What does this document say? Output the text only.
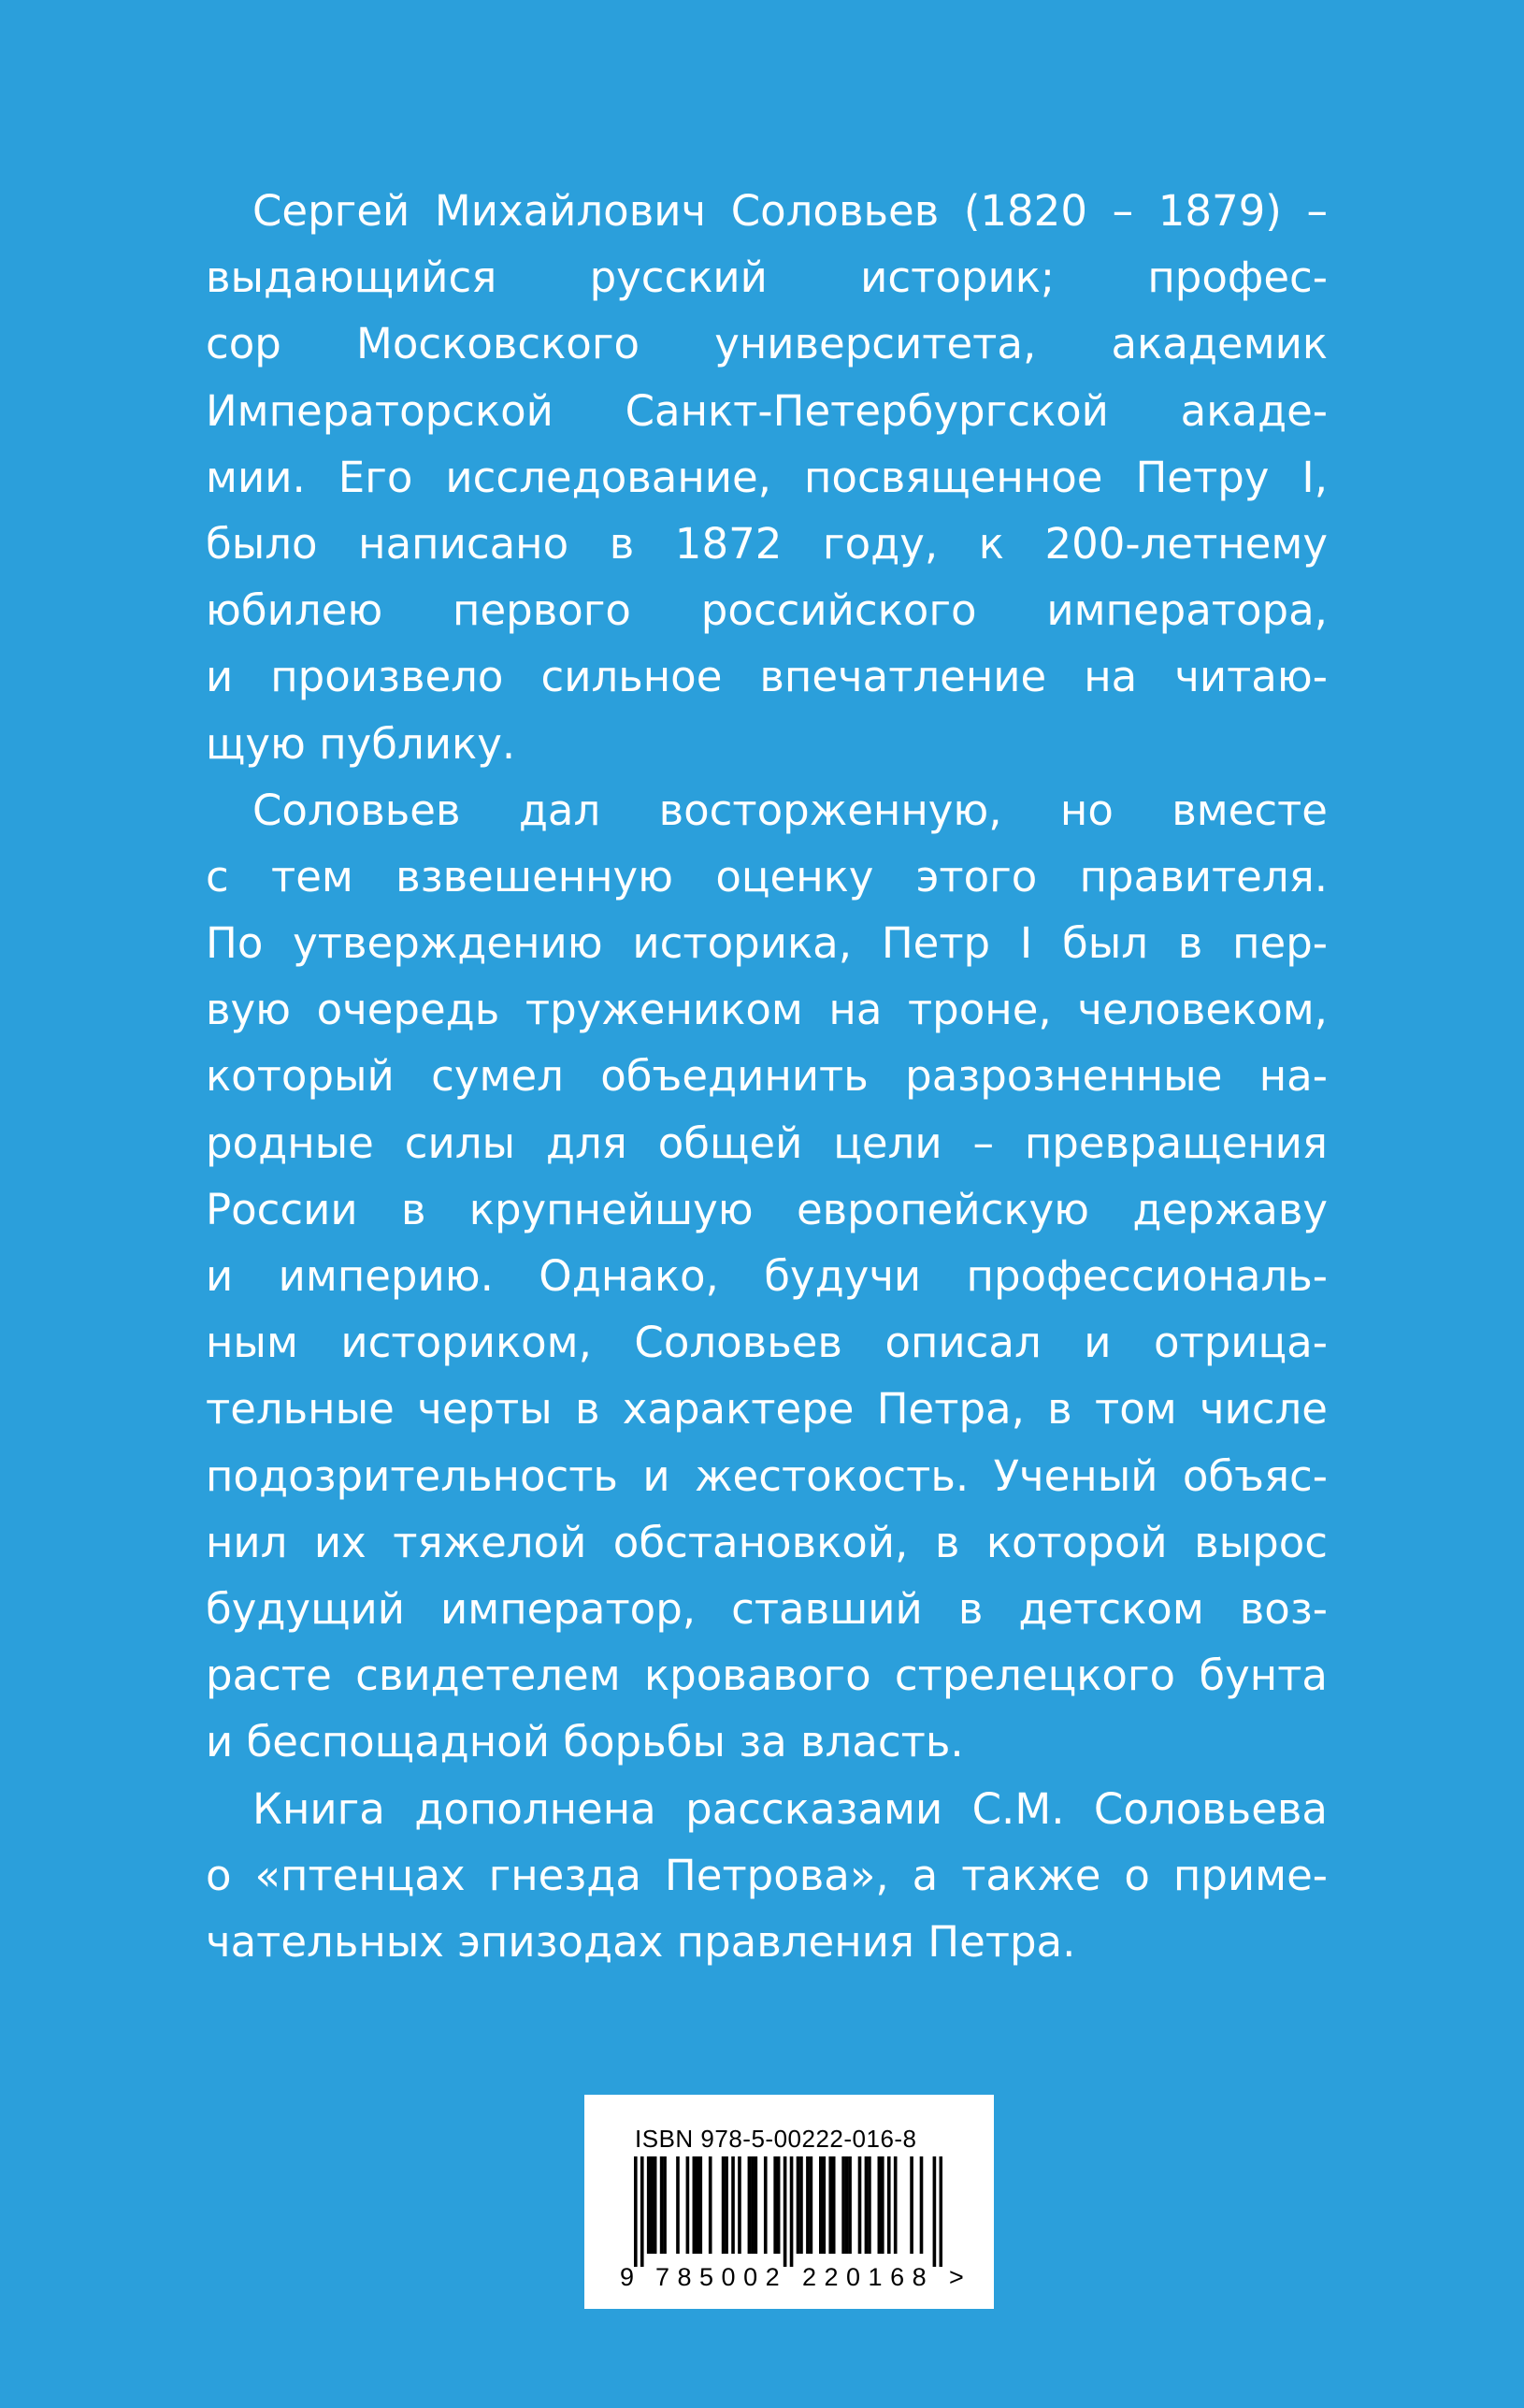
Сергей Михайлович Соловьев (1820 – 1879) –
выдающийся русский историк; профес-
сор Московского университета, академик
Императорской Санкт-Петербургской акаде-
мии. Его исследование, посвященное Петру I,
было написано в 1872 году, к 200-летнему
юбилею первого российского императора,
и произвело сильное впечатление на читаю-
щую публику.
Соловьев дал восторженную, но вместе
с тем взвешенную оценку этого правителя.
По утверждению историка, Петр I был в пер-
вую очередь тружеником на троне, человеком,
который сумел объединить разрозненные на-
родные силы для общей цели – превращения
России в крупнейшую европейскую державу
и империю. Однако, будучи профессиональ-
ным историком, Соловьев описал и отрица-
тельные черты в характере Петра, в том числе
подозрительность и жестокость. Ученый объяс-
нил их тяжелой обстановкой, в которой вырос
будущий император, ставший в детском воз-
расте свидетелем кровавого стрелецкого бунта
и беспощадной борьбы за власть.
Книга дополнена рассказами С.М. Соловьева
о «птенцах гнезда Петрова», а также о приме-
чательных эпизодах правления Петра.
ISBN 978-5-00222-016-8
9 785002 220168 >
